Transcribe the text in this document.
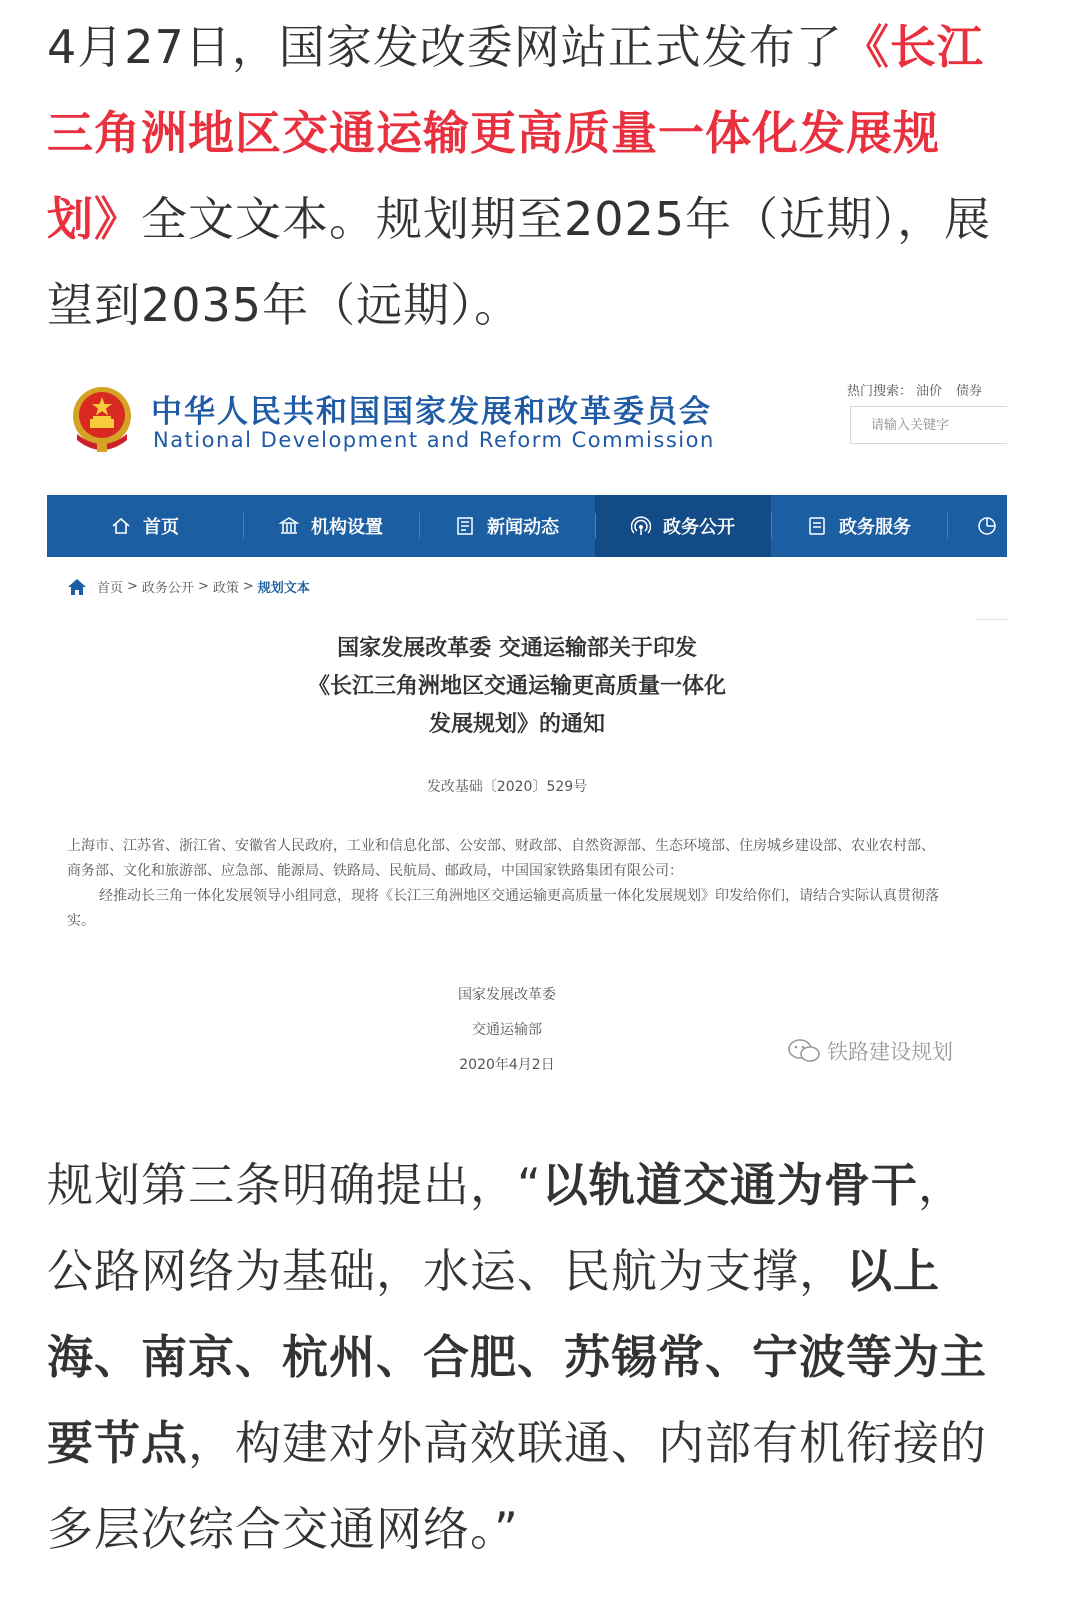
4月27日，国家发改委网站正式发布了《长江三角洲地区交通运输更高质量一体化发展规划》全文文本。规划期至2025年（近期），展望到2035年（远期）。

中华人民共和国国家发展和改革委员会
National Development and Reform Commission
热门搜索： 油价 债券
请输入关键字
首页	机构设置	新闻动态	政务公开	政务服务
首页 > 政务公开 > 政策 > 规划文本
国家发展改革委 交通运输部关于印发
《长江三角洲地区交通运输更高质量一体化
发展规划》的通知
发改基础〔2020〕529号

上海市、江苏省、浙江省、安徽省人民政府，工业和信息化部、公安部、财政部、自然资源部、生态环境部、住房城乡建设部、农业农村部、商务部、文化和旅游部、应急部、能源局、铁路局、民航局、邮政局，中国国家铁路集团有限公司：

经推动长三角一体化发展领导小组同意，现将《长江三角洲地区交通运输更高质量一体化发展规划》印发给你们，请结合实际认真贯彻落实。

国家发展改革委
交通运输部
2020年4月2日
铁路建设规划

规划第三条明确提出，“以轨道交通为骨干，公路网络为基础，水运、民航为支撑，以上海、南京、杭州、合肥、苏锡常、宁波等为主要节点，构建对外高效联通、内部有机衔接的多层次综合交通网络。”
